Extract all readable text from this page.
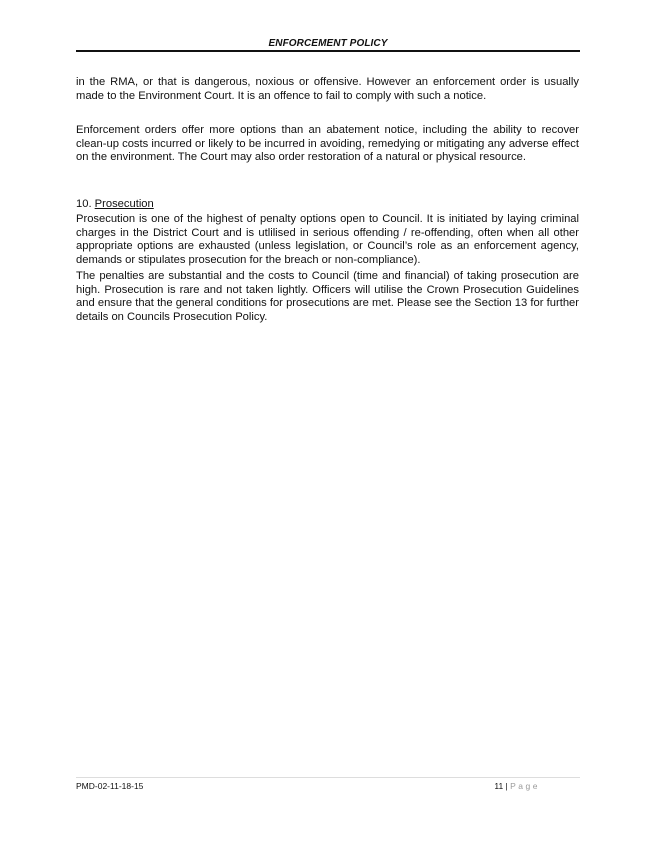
ENFORCEMENT POLICY

in the RMA, or that is dangerous, noxious or offensive. However an enforcement order is usually made to the Environment Court. It is an offence to fail to comply with such a notice.

Enforcement orders offer more options than an abatement notice, including the ability to recover clean-up costs incurred or likely to be incurred in avoiding, remedying or mitigating any adverse effect on the environment. The Court may also order restoration of a natural or physical resource.

10. Prosecution

Prosecution is one of the highest of penalty options open to Council. It is initiated by laying criminal charges in the District Court and is utlilised in serious offending / re-offending, often when all other appropriate options are exhausted (unless legislation, or Council’s role as an enforcement agency, demands or stipulates prosecution for the breach or non-compliance).

The penalties are substantial and the costs to Council (time and financial) of taking prosecution are high. Prosecution is rare and not taken lightly. Officers will utilise the Crown Prosecution Guidelines and ensure that the general conditions for prosecutions are met. Please see the Section 13 for further details on Councils Prosecution Policy.

PMD-02-11-18-15	11 | Page
